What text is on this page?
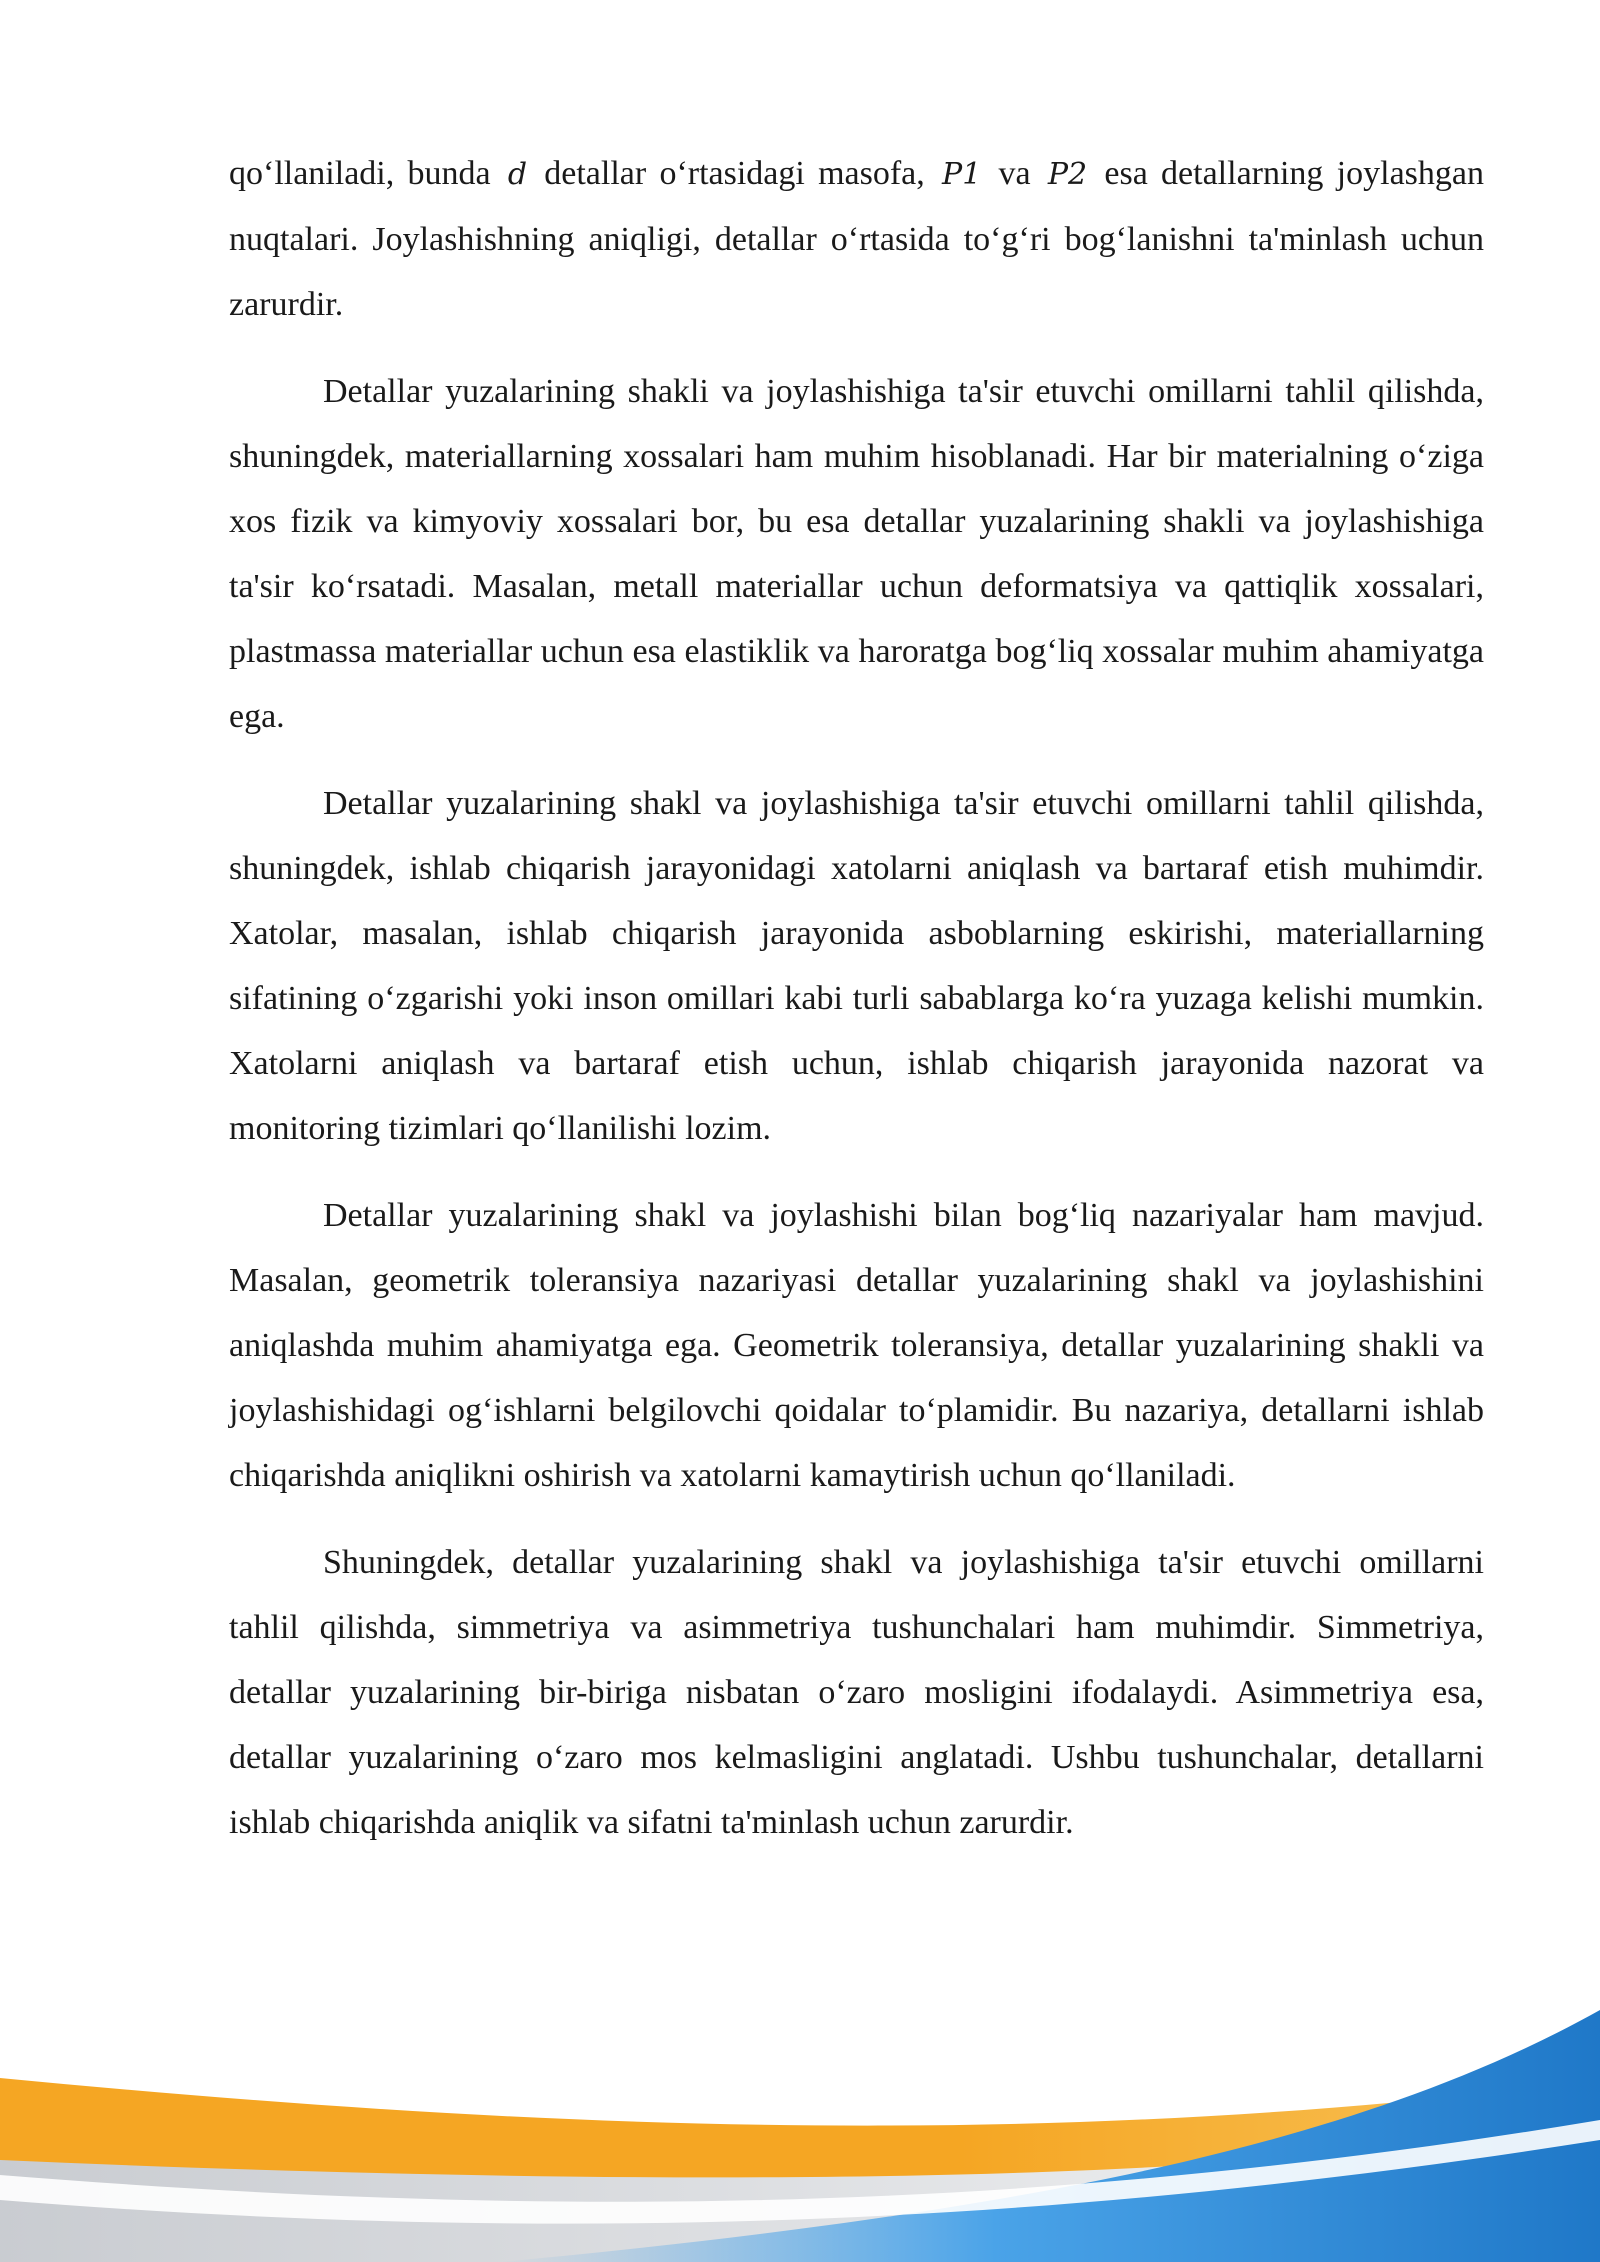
qo‘llaniladi, bunda d detallar o‘rtasidagi masofa, P1 va P2 esa detallarning joylashgan nuqtalari. Joylashishning aniqligi, detallar o‘rtasida to‘g‘ri bog‘lanishni ta'minlash uchun zarurdir.

Detallar yuzalarining shakli va joylashishiga ta'sir etuvchi omillarni tahlil qilishda, shuningdek, materiallarning xossalari ham muhim hisoblanadi. Har bir materialning o‘ziga xos fizik va kimyoviy xossalari bor, bu esa detallar yuzalarining shakli va joylashishiga ta'sir ko‘rsatadi. Masalan, metall materiallar uchun deformatsiya va qattiqlik xossalari, plastmassa materiallar uchun esa elastiklik va haroratga bog‘liq xossalar muhim ahamiyatga ega.

Detallar yuzalarining shakl va joylashishiga ta'sir etuvchi omillarni tahlil qilishda, shuningdek, ishlab chiqarish jarayonidagi xatolarni aniqlash va bartaraf etish muhimdir. Xatolar, masalan, ishlab chiqarish jarayonida asboblarning eskirishi, materiallarning sifatining o‘zgarishi yoki inson omillari kabi turli sabablarga ko‘ra yuzaga kelishi mumkin. Xatolarni aniqlash va bartaraf etish uchun, ishlab chiqarish jarayonida nazorat va monitoring tizimlari qo‘llanilishi lozim.

Detallar yuzalarining shakl va joylashishi bilan bog‘liq nazariyalar ham mavjud. Masalan, geometrik toleransiya nazariyasi detallar yuzalarining shakl va joylashishini aniqlashda muhim ahamiyatga ega. Geometrik toleransiya, detallar yuzalarining shakli va joylashishidagi og‘ishlarni belgilovchi qoidalar to‘plamidir. Bu nazariya, detallarni ishlab chiqarishda aniqlikni oshirish va xatolarni kamaytirish uchun qo‘llaniladi.

Shuningdek, detallar yuzalarining shakl va joylashishiga ta'sir etuvchi omillarni tahlil qilishda, simmetriya va asimmetriya tushunchalari ham muhimdir. Simmetriya, detallar yuzalarining bir-biriga nisbatan o‘zaro mosligini ifodalaydi. Asimmetriya esa, detallar yuzalarining o‘zaro mos kelmasligini anglatadi. Ushbu tushunchalar, detallarni ishlab chiqarishda aniqlik va sifatni ta'minlash uchun zarurdir.
